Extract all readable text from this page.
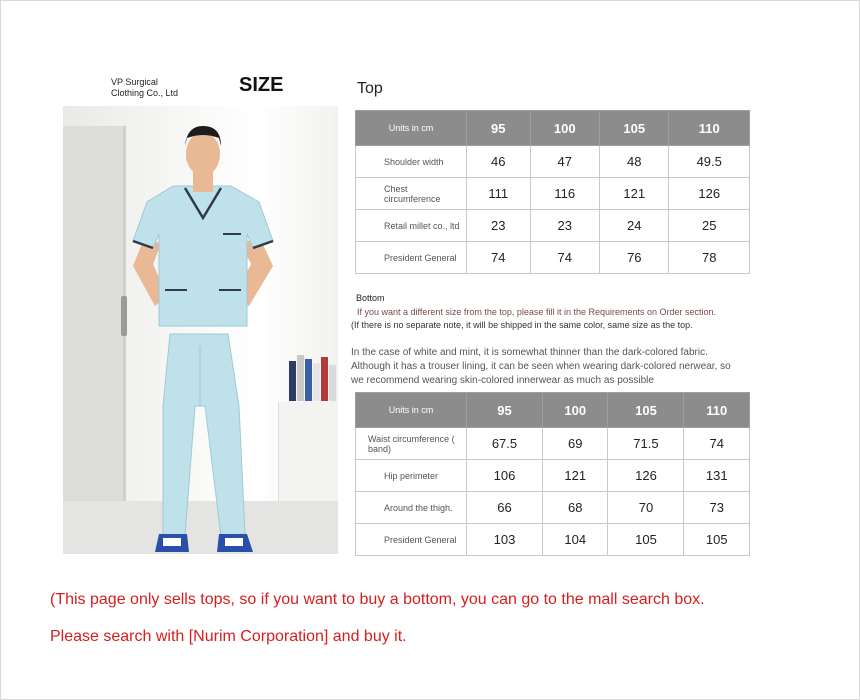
VP Surgical
Clothing Co., Ltd	SIZE	Top
Units in cm	95	100	105	110
Shoulder width	46	47	48	49.5
Chest circumference	111	116	121	126
Retail millet co., ltd	23	23	24	25
President General	74	74	76	78
Bottom
If you want a different size from the top, please fill it in the Requirements on Order section.
(If there is no separate note, it will be shipped in the same color, same size as the top.
In the case of white and mint, it is somewhat thinner than the dark-colored fabric.
Although it has a trouser lining, it can be seen when wearing dark-colored nerwear, so
we recommend wearing skin-colored innerwear as much as possible
Units in cm	95	100	105	110
Waist circumference ( band)	67.5	69	71.5	74
Hip perimeter	106	121	126	131
Around the thigh.	66	68	70	73
President General	103	104	105	105
(This page only sells tops, so if you want to buy a bottom, you can go to the mall search box.
Please search with [Nurim Corporation] and buy it.
